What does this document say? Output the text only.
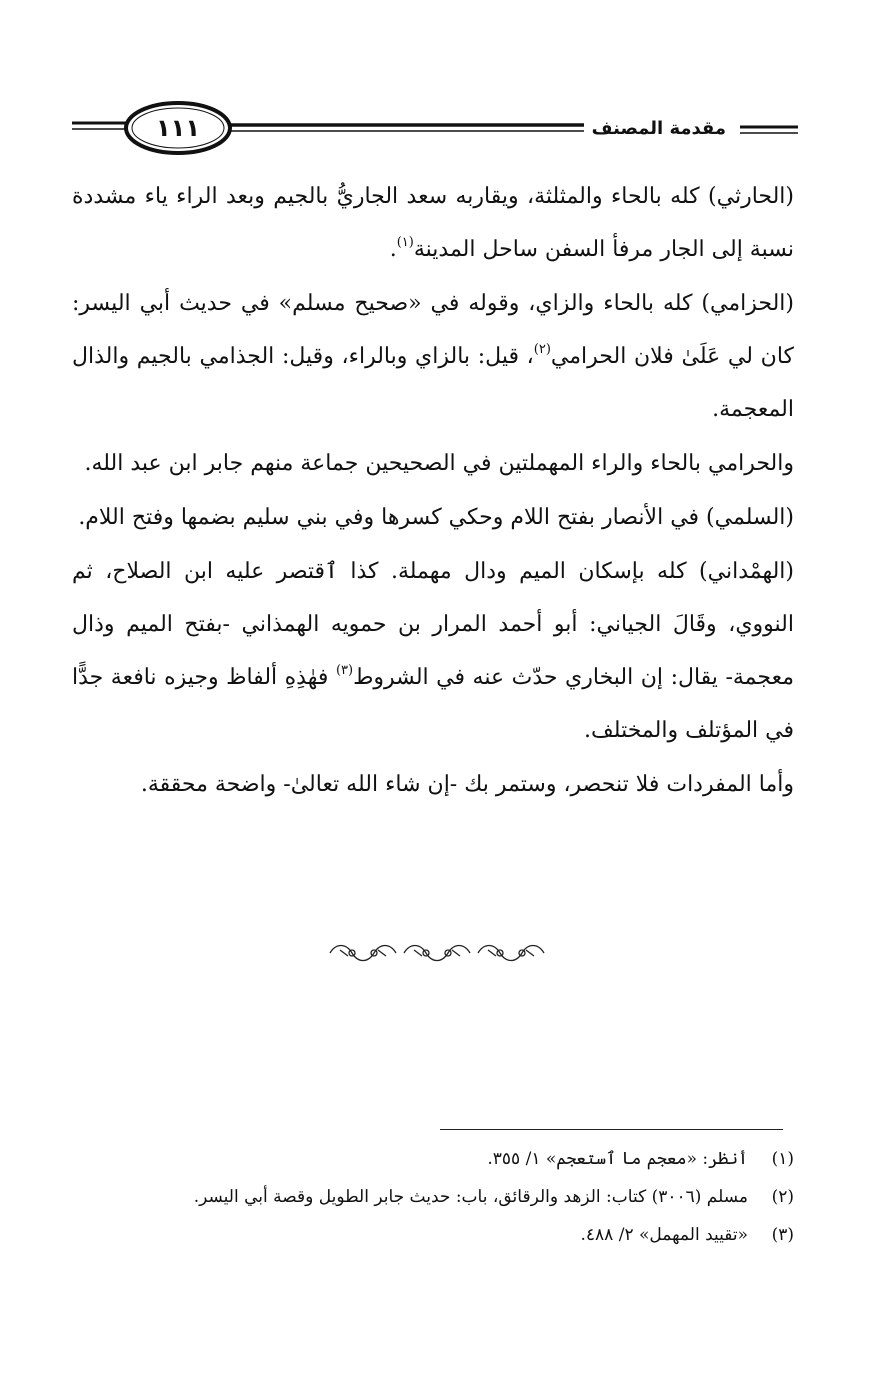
١١١	مقدمة المصنف

(الحارثي) كله بالحاء والمثلثة، ويقاربه سعد الجاريُّ بالجيم وبعد الراء ياء مشددة نسبة إلى الجار مرفأ السفن ساحل المدينة$^{(١)}$.

(الحزامي) كله بالحاء والزاي، وقوله في «صحيح مسلم» في حديث أبي اليسر: كان لي عَلَىٰ فلان الحرامي$^{(٢)}$، قيل: بالزاي وبالراء، وقيل: الجذامي بالجيم والذال المعجمة.

والحرامي بالحاء والراء المهملتين في الصحيحين جماعة منهم جابر ابن عبد الله.

(السلمي) في الأنصار بفتح اللام وحكي كسرها وفي بني سليم بضمها وفتح اللام.

(الهمْداني) كله بإسكان الميم ودال مهملة. كذا ٱقتصر عليه ابن الصلاح، ثم النووي، وقَالَ الجياني: أبو أحمد المرار بن حمويه الهمذاني -بفتح الميم وذال معجمة- يقال: إن البخاري حدّث عنه في الشروط$^{(٣)}$ فهٰذِهِ ألفاظ وجيزه نافعة جدًّا في المؤتلف والمختلف.

وأما المفردات فلا تنحصر، وستمر بك -إن شاء الله تعالىٰ- واضحة محققة.

(١)
أنظر: «معجم ما ٱستعجم» ١/ ٣٥٥.
(٢)
مسلم (٣٠٠٦) كتاب: الزهد والرقائق، باب: حديث جابر الطويل وقصة أبي اليسر.
(٣)
«تقييد المهمل» ٢/ ٤٨٨.
